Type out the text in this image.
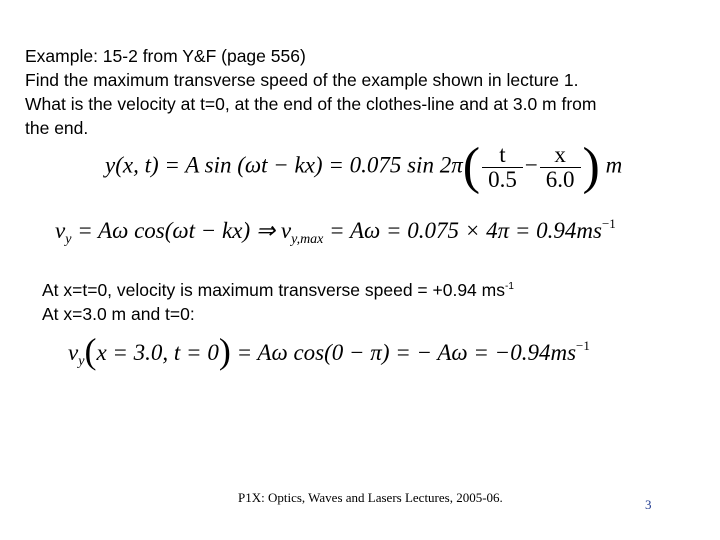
Example: 15-2 from Y&F (page 556)
Find the maximum transverse speed of the example shown in lecture 1.
What is the velocity at t=0, at the end of the clothes-line and at 3.0 m from
the end.
y(x, t) = A sin (ωt − kx) = 0.075 $\sin 2\pi( \frac{t}{0.5} - \frac{x}{6.0}$ ) m
$v_y = A\omega$ cos(ωt − kx) ⇒ $v_{y,max} = A\omega = 0.075 \times 4\pi = 0.94ms^{-1}$
At x=t=0, velocity is maximum transverse speed = +0.94 $ms^{-1}$
At x=3.0 m and t=0:
$v_y(x = 3.0$, t = 0) = Aω cos(0 − π) = − $A\omega = -0.94ms^{-1}$
P1X: Optics, Waves and Lasers Lectures, 2005-06.	3
